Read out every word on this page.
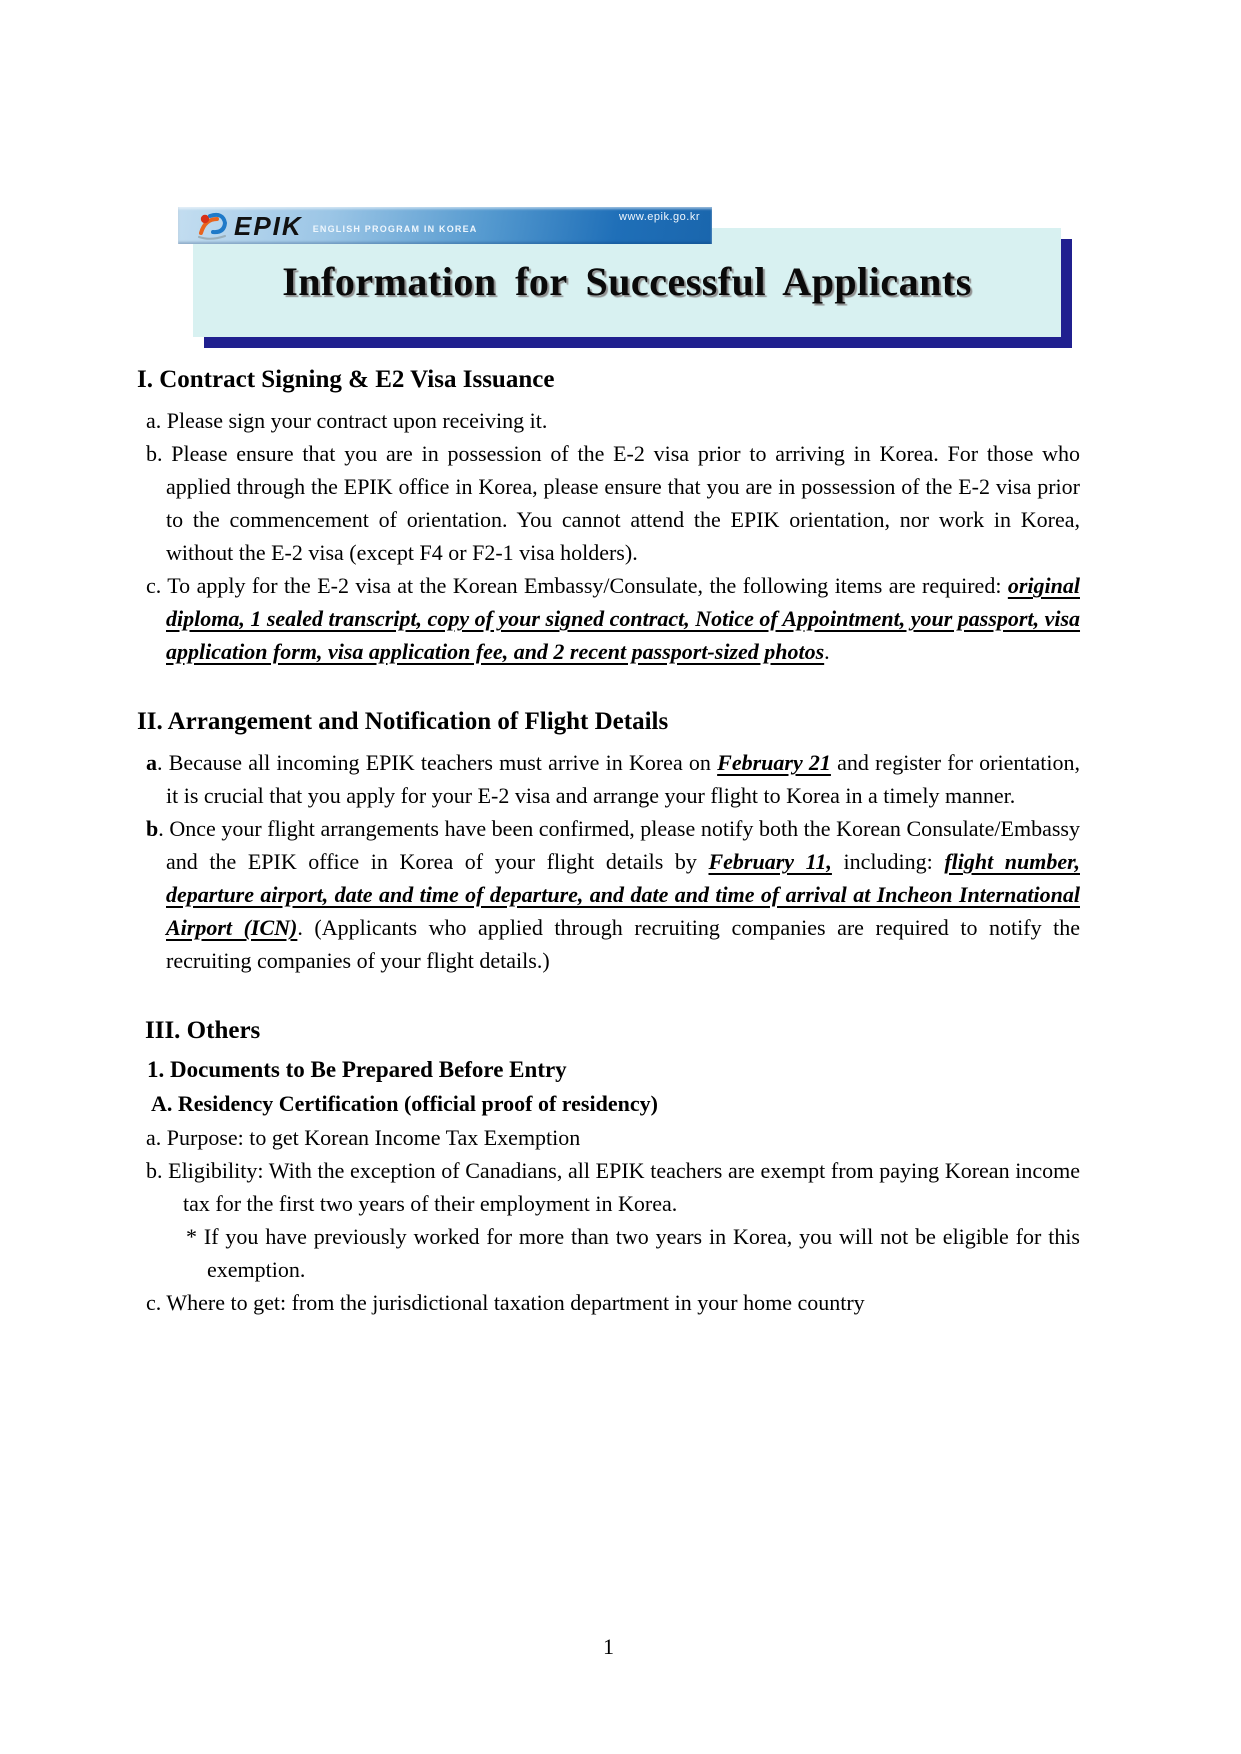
Information for Successful Applicants
EPIK ENGLISH PROGRAM IN KOREA
www.epik.go.kr
I. Contract Signing & E2 Visa Issuance

a. Please sign your contract upon receiving it.

b. Please ensure that you are in possession of the E-2 visa prior to arriving in Korea. For those who applied through the EPIK office in Korea, please ensure that you are in possession of the E-2 visa prior to the commencement of orientation. You cannot attend the EPIK orientation, nor work in Korea, without the E-2 visa (except F4 or F2-1 visa holders).

c. To apply for the E-2 visa at the Korean Embassy/Consulate, the following items are required: original diploma, 1 sealed transcript, copy of your signed contract, Notice of Appointment, your passport, visa application form, visa application fee, and 2 recent passport-sized photos.

II. Arrangement and Notification of Flight Details

a. Because all incoming EPIK teachers must arrive in Korea on February 21 and register for orientation, it is crucial that you apply for your E-2 visa and arrange your flight to Korea in a timely manner.

b. Once your flight arrangements have been confirmed, please notify both the Korean Consulate/Embassy and the EPIK office in Korea of your flight details by February 11, including: flight number, departure airport, date and time of departure, and date and time of arrival at Incheon International Airport (ICN). (Applicants who applied through recruiting companies are required to notify the recruiting companies of your flight details.)

III. Others
1. Documents to Be Prepared Before Entry
A. Residency Certification (official proof of residency)

a. Purpose: to get Korean Income Tax Exemption

b. Eligibility: With the exception of Canadians, all EPIK teachers are exempt from paying Korean income tax for the first two years of their employment in Korea.

* If you have previously worked for more than two years in Korea, you will not be eligible for this exemption.

c. Where to get: from the jurisdictional taxation department in your home country

1
